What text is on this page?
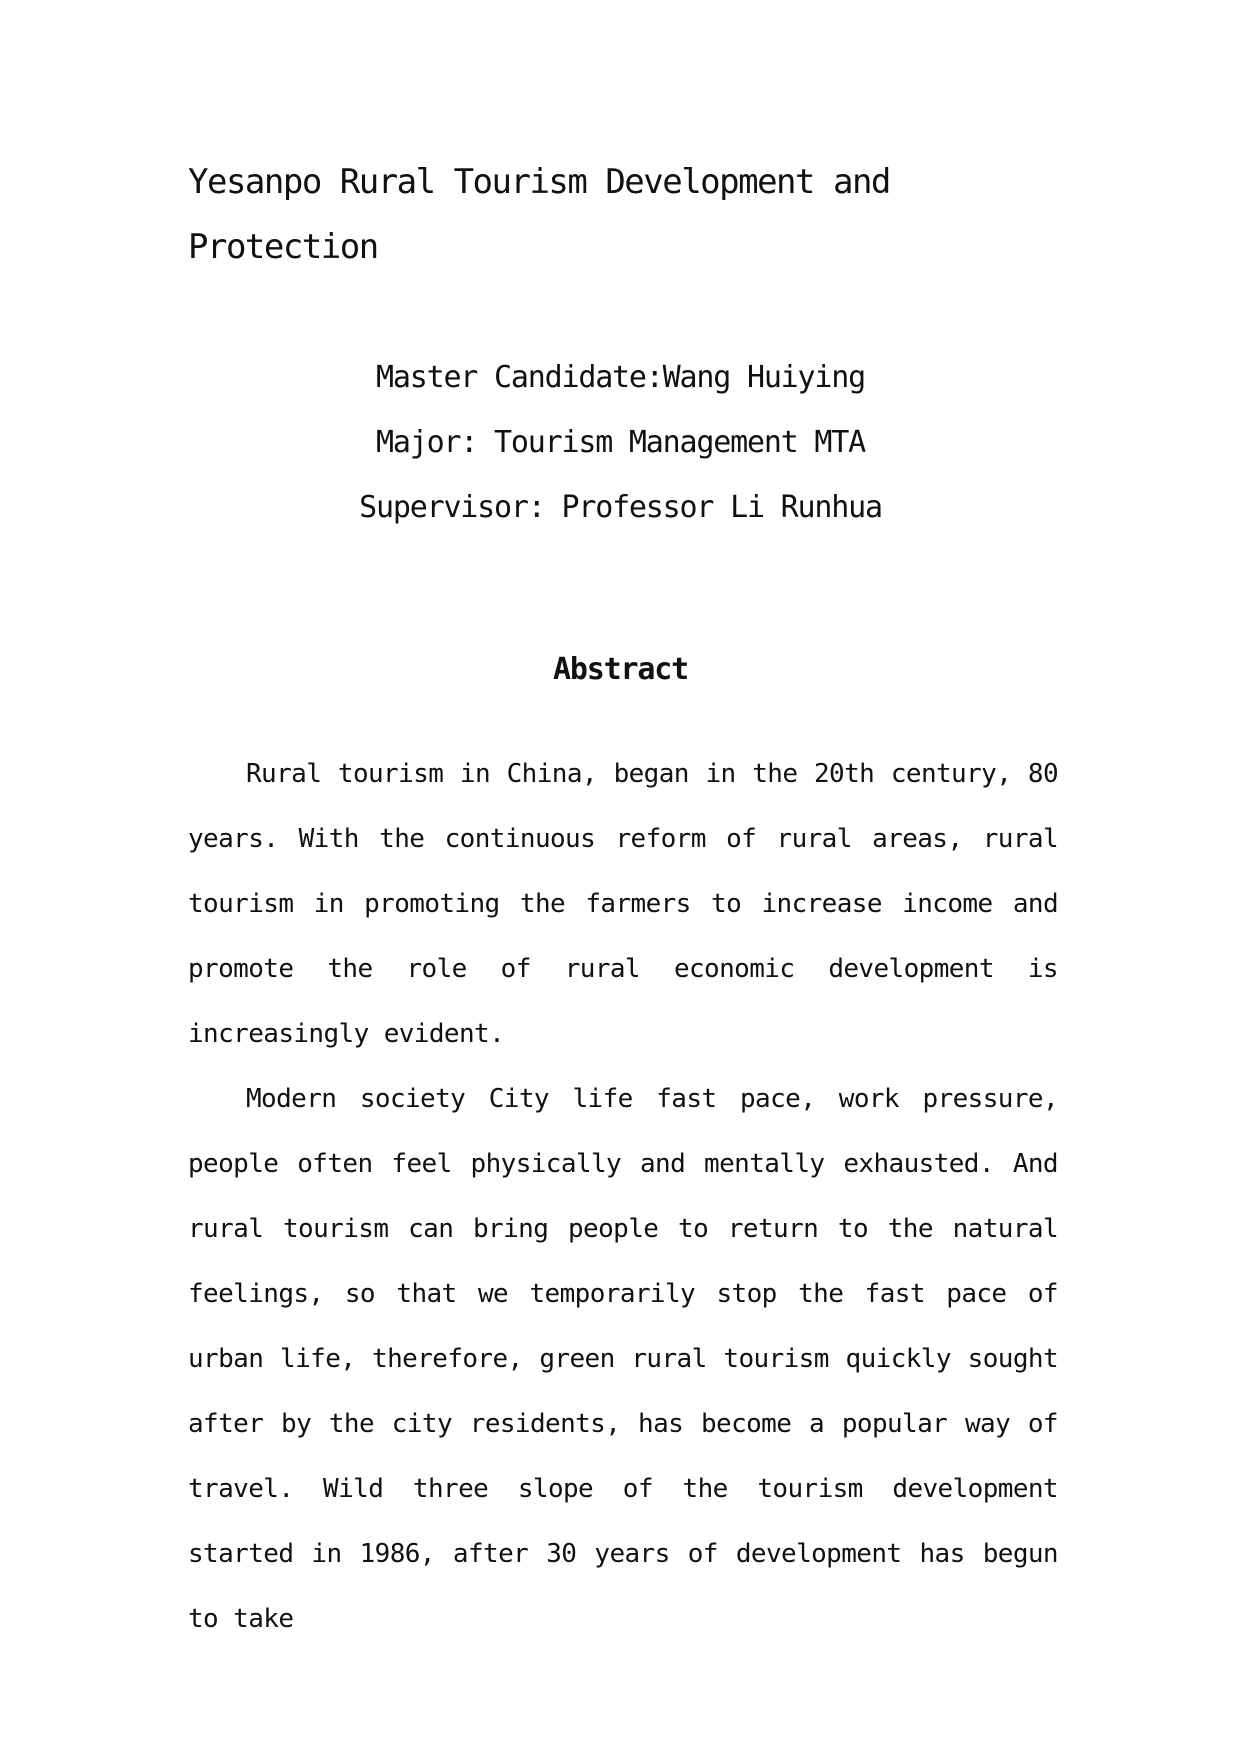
Yesanpo Rural Tourism Development and Protection

Master Candidate:Wang Huiying

Major: Tourism Management MTA

Supervisor: Professor Li Runhua

Abstract

Rural tourism in China, began in the 20th century, 80 years. With the continuous reform of rural areas, rural tourism in promoting the farmers to increase income and promote the role of rural economic development is increasingly evident.

Modern society City life fast pace, work pressure, people often feel physically and mentally exhausted. And rural tourism can bring people to return to the natural feelings, so that we temporarily stop the fast pace of urban life, therefore, green rural tourism quickly sought after by the city residents, has become a popular way of travel. Wild three slope of the tourism development started in 1986, after 30 years of development has begun to take
